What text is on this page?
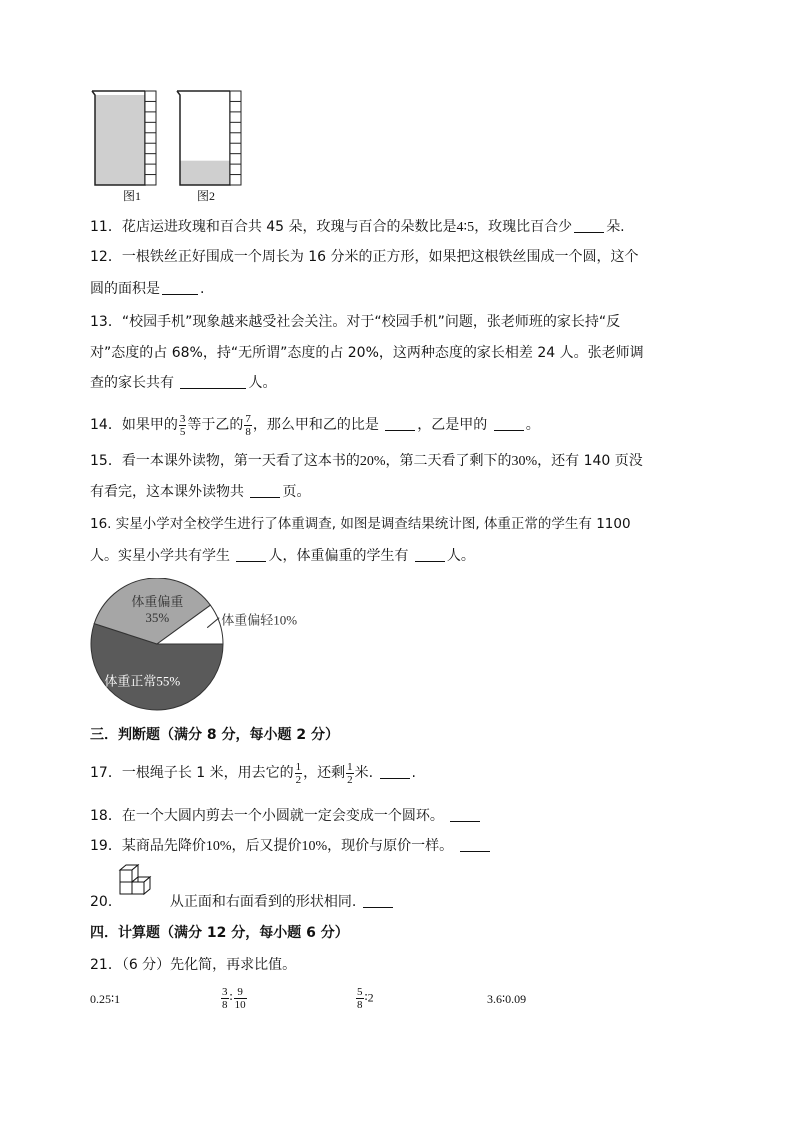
图1	图2
11．花店运进玫瑰和百合共 45 朵，玫瑰与百合的朵数比是4∶5，玫瑰比百合少 朵.
12．一根铁丝正好围成一个周长为 16 分米的正方形，如果把这根铁丝围成一个圆，这个
圆的面积是	.
13．“校园手机”现象越来越受社会关注。对于“校园手机”问题，张老师班的家长持“反
对”态度的占 68%，持“无所谓”态度的占 20%，这两种态度的家长相差 24 人。张老师调
查的家长共有	人。
14．如果甲的 $\frac{3}{5}$ 等于乙的 $\frac{7}{8}$ ，那么甲和乙的比是	，乙是甲的	。
15．看一本课外读物，第一天看了这本书的20%，第二天看了剩下的30%，还有 140 页没
有看完，这本课外读物共	页。
16. 实星小学对全校学生进行了体重调查, 如图是调查结果统计图, 体重正常的学生有 1100
人。实星小学共有学生	人，体重偏重的学生有	人。
体重偏重
35%
体重正常55%
体重偏轻10%
三．判断题（满分 8 分，每小题 2 分）
17．一根绳子长 1 米，用去它的 $\frac{1}{2}$ ，还剩 $\frac{1}{2}$ 米.	.
18．在一个大圆内剪去一个小圆就一定会变成一个圆环。
19．某商品先降价10%，后又提价10%，现价与原价一样。
20．	从正面和右面看到的形状相同.
四．计算题（满分 12 分，每小题 6 分）
21．（6 分）先化简，再求比值。
0.25∶1	$\frac{3}{8}$ ∶ $\frac{9}{10}$	$\frac{5}{8}$ ∶2	3.6∶0.09
